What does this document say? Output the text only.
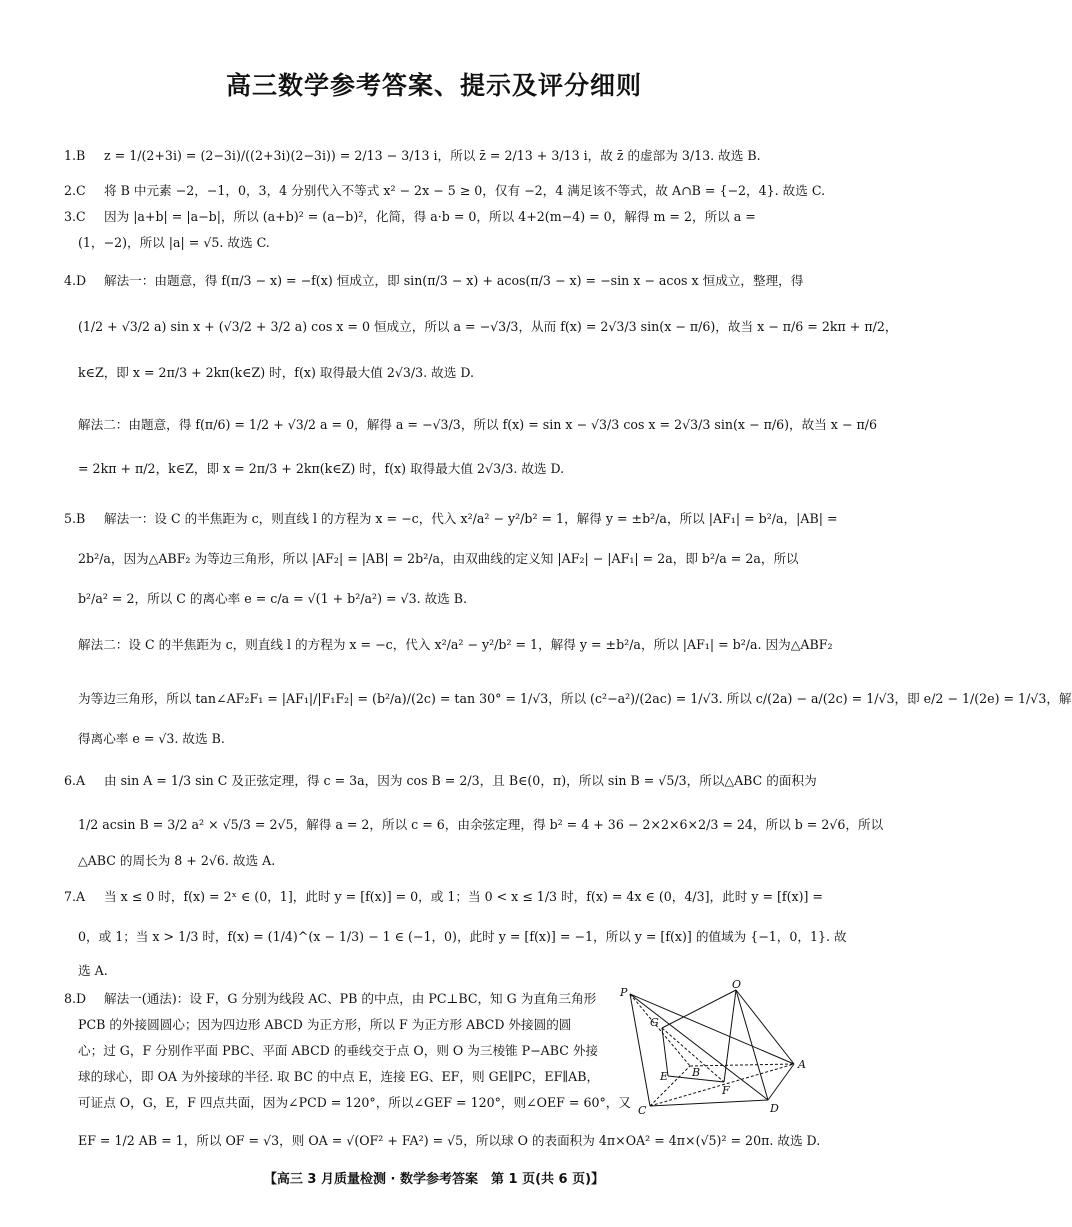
高三数学参考答案、提示及评分细则
1.B z = 1/(2+3i) = (2−3i)/((2+3i)(2−3i)) = 2/13 − 3/13 i，所以 z̄ = 2/13 + 3/13 i，故 z̄ 的虚部为 3/13. 故选 B.
2.C 将 B 中元素 −2，−1，0，3，4 分别代入不等式 x² − 2x − 5 ≥ 0，仅有 −2，4 满足该不等式，故 A∩B = {−2，4}. 故选 C.
3.C 因为 |a+b| = |a−b|，所以 (a+b)² = (a−b)²，化简，得 a·b = 0，所以 4+2(m−4) = 0，解得 m = 2，所以 a =
(1，−2)，所以 |a| = √5. 故选 C.
4.D 解法一：由题意，得 f(π/3 − x) = −f(x) 恒成立，即 sin(π/3 − x) + acos(π/3 − x) = −sin x − acos x 恒成立，整理，得
(1/2 + √3/2 a) sin x + (√3/2 + 3/2 a) cos x = 0 恒成立，所以 a = −√3/3，从而 f(x) = 2√3/3 sin(x − π/6)，故当 x − π/6 = 2kπ + π/2，
k∈Z，即 x = 2π/3 + 2kπ(k∈Z) 时，f(x) 取得最大值 2√3/3. 故选 D.
解法二：由题意，得 f(π/6) = 1/2 + √3/2 a = 0，解得 a = −√3/3，所以 f(x) = sin x − √3/3 cos x = 2√3/3 sin(x − π/6)，故当 x − π/6
= 2kπ + π/2，k∈Z，即 x = 2π/3 + 2kπ(k∈Z) 时，f(x) 取得最大值 2√3/3. 故选 D.
5.B 解法一：设 C 的半焦距为 c，则直线 l 的方程为 x = −c，代入 x²/a² − y²/b² = 1，解得 y = ±b²/a，所以 |AF₁| = b²/a，|AB| =
2b²/a，因为△ABF₂ 为等边三角形，所以 |AF₂| = |AB| = 2b²/a，由双曲线的定义知 |AF₂| − |AF₁| = 2a，即 b²/a = 2a，所以
b²/a² = 2，所以 C 的离心率 e = c/a = √(1 + b²/a²) = √3. 故选 B.
解法二：设 C 的半焦距为 c，则直线 l 的方程为 x = −c，代入 x²/a² − y²/b² = 1，解得 y = ±b²/a，所以 |AF₁| = b²/a. 因为△ABF₂
为等边三角形，所以 tan∠AF₂F₁ = |AF₁|/|F₁F₂| = (b²/a)/(2c) = tan 30° = 1/√3，所以 (c²−a²)/(2ac) = 1/√3. 所以 c/(2a) − a/(2c) = 1/√3，即 e/2 − 1/(2e) = 1/√3，解
得离心率 e = √3. 故选 B.
6.A 由 sin A = 1/3 sin C 及正弦定理，得 c = 3a，因为 cos B = 2/3，且 B∈(0，π)，所以 sin B = √5/3，所以△ABC 的面积为
1/2 acsin B = 3/2 a² × √5/3 = 2√5，解得 a = 2，所以 c = 6，由余弦定理，得 b² = 4 + 36 − 2×2×6×2/3 = 24，所以 b = 2√6，所以
△ABC 的周长为 8 + 2√6. 故选 A.
7.A 当 x ≤ 0 时，f(x) = 2ˣ ∈ (0，1]，此时 y = [f(x)] = 0，或 1；当 0 < x ≤ 1/3 时，f(x) = 4x ∈ (0，4/3]，此时 y = [f(x)] =
0，或 1；当 x > 1/3 时，f(x) = (1/4)^(x − 1/3) − 1 ∈ (−1，0)，此时 y = [f(x)] = −1，所以 y = [f(x)] 的值域为 {−1，0，1}. 故
选 A.
8.D 解法一(通法)：设 F，G 分别为线段 AC、PB 的中点，由 PC⊥BC，知 G 为直角三角形
PCB 的外接圆圆心；因为四边形 ABCD 为正方形，所以 F 为正方形 ABCD 外接圆的圆
心；过 G，F 分别作平面 PBC、平面 ABCD 的垂线交于点 O，则 O 为三棱锥 P−ABC 外接
球的球心，即 OA 为外接球的半径. 取 BC 的中点 E，连接 EG、EF，则 GE∥PC，EF∥AB，
可证点 O，G，E，F 四点共面，因为∠PCD = 120°，所以∠GEF = 120°，则∠OEF = 60°，又
EF = 1/2 AB = 1，所以 OF = √3，则 OA = √(OF² + FA²) = √5，所以球 O 的表面积为 4π×OA² = 4π×(√5)² = 20π. 故选 D.
P
O
G
E B
A
F
C	D
【高三 3 月质量检测 · 数学参考答案　第 1 页(共 6 页)】
